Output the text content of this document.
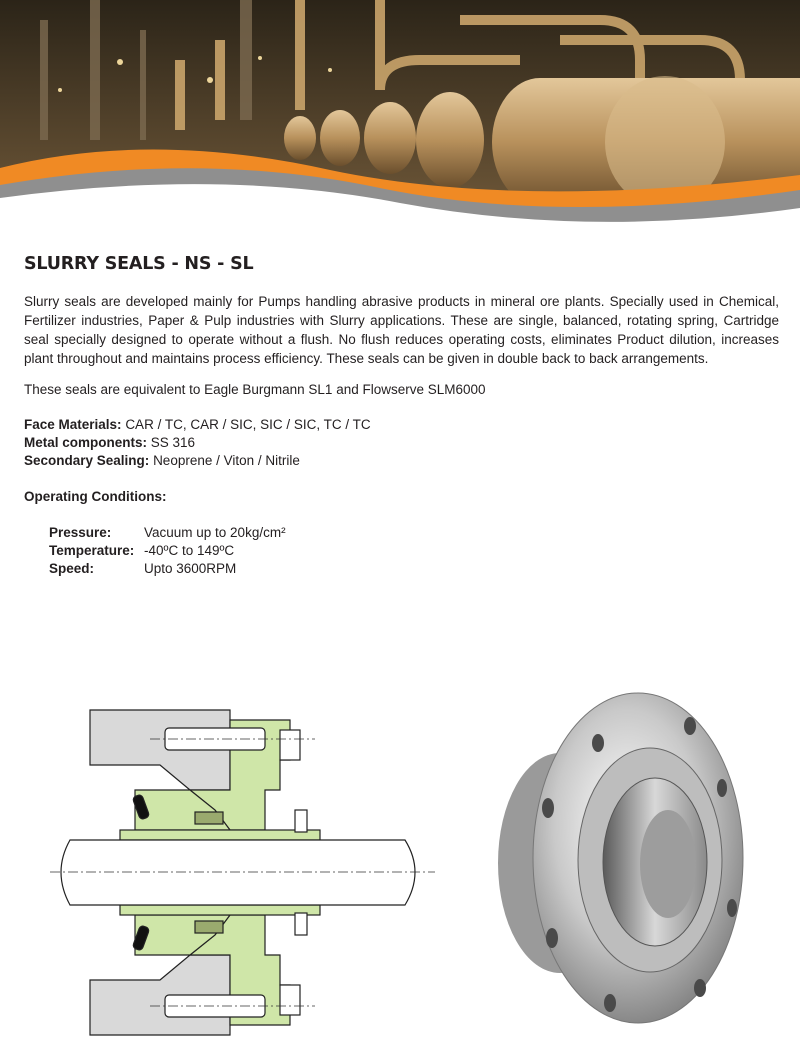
SLURRY SEALS - NS - SL

Slurry seals are developed mainly for Pumps handling abrasive products in mineral ore plants. Specially used in Chemical, Fertilizer industries, Paper & Pulp industries with Slurry applications. These are single, balanced, rotating spring, Cartridge seal specially designed to operate without a flush. No flush reduces operating costs, eliminates Product dilution, increases plant throughout and maintains process efficiency. These seals can be given in double back to back arrangements.

These seals are equivalent to Eagle Burgmann SL1 and Flowserve SLM6000

Face Materials: CAR / TC, CAR / SIC, SIC / SIC, TC / TC
Metal components: SS 316
Secondary Sealing: Neoprene / Viton / Nitrile

Operating Conditions:

Pressure: Vacuum up to 20kg/cm²
Temperature: -40ºC to 149ºC
Speed:	Upto 3600RPM
